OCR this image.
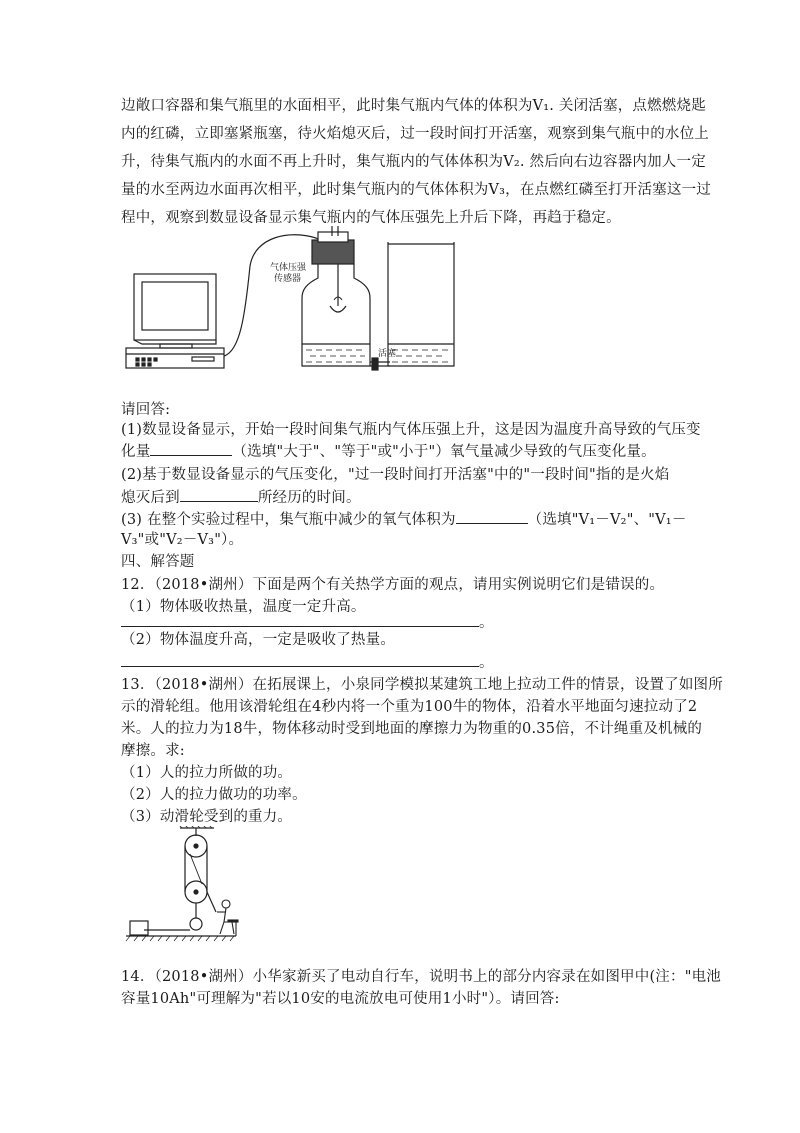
边敞口容器和集气瓶里的水面相平，此时集气瓶内气体的体积为V₁. 关闭活塞，点燃燃烧匙
内的红磷，立即塞紧瓶塞，待火焰熄灭后，过一段时间打开活塞，观察到集气瓶中的水位上
升，待集气瓶内的水面不再上升时，集气瓶内的气体体积为V₂. 然后向右边容器内加人一定
量的水至两边水面再次相平，此时集气瓶内的气体体积为V₃，在点燃红磷至打开活塞这一过
程中，观察到数显设备显示集气瓶内的气体压强先上升后下降，再趋于稳定。
活塞
气体压强
传感器
请回答:
(1)数显设备显示，开始一段时间集气瓶内气体压强上升，这是因为温度升高导致的气压变
化量	（选填"大于"、"等于"或"小于"）氧气量减少导致的气压变化量。
(2)基于数显设备显示的气压变化，"过一段时间打开活塞"中的"一段时间"指的是火焰
熄灭后到	所经历的时间。
(3) 在整个实验过程中，集气瓶中减少的氧气体积为	（选填"V₁－V₂"、"V₁－
V₃"或"V₂－V₃"）。
四、解答题
12．（2018•湖州）下面是两个有关热学方面的观点，请用实例说明它们是错误的。
（1）物体吸收热量，温度一定升高。
。
（2）物体温度升高，一定是吸收了热量。
。
13．（2018•湖州）在拓展课上，小泉同学模拟某建筑工地上拉动工件的情景，设置了如图所
示的滑轮组。他用该滑轮组在4秒内将一个重为100牛的物体，沿着水平地面匀速拉动了2
米。人的拉力为18牛，物体移动时受到地面的摩擦力为物重的0.35倍，不计绳重及机械的
摩擦。求:
（1）人的拉力所做的功。
（2）人的拉力做功的功率。
（3）动滑轮受到的重力。
14．（2018•湖州）小华家新买了电动自行车，说明书上的部分内容录在如图甲中(注："电池
容量10Ah"可理解为"若以10安的电流放电可使用1小时"）。请回答:
